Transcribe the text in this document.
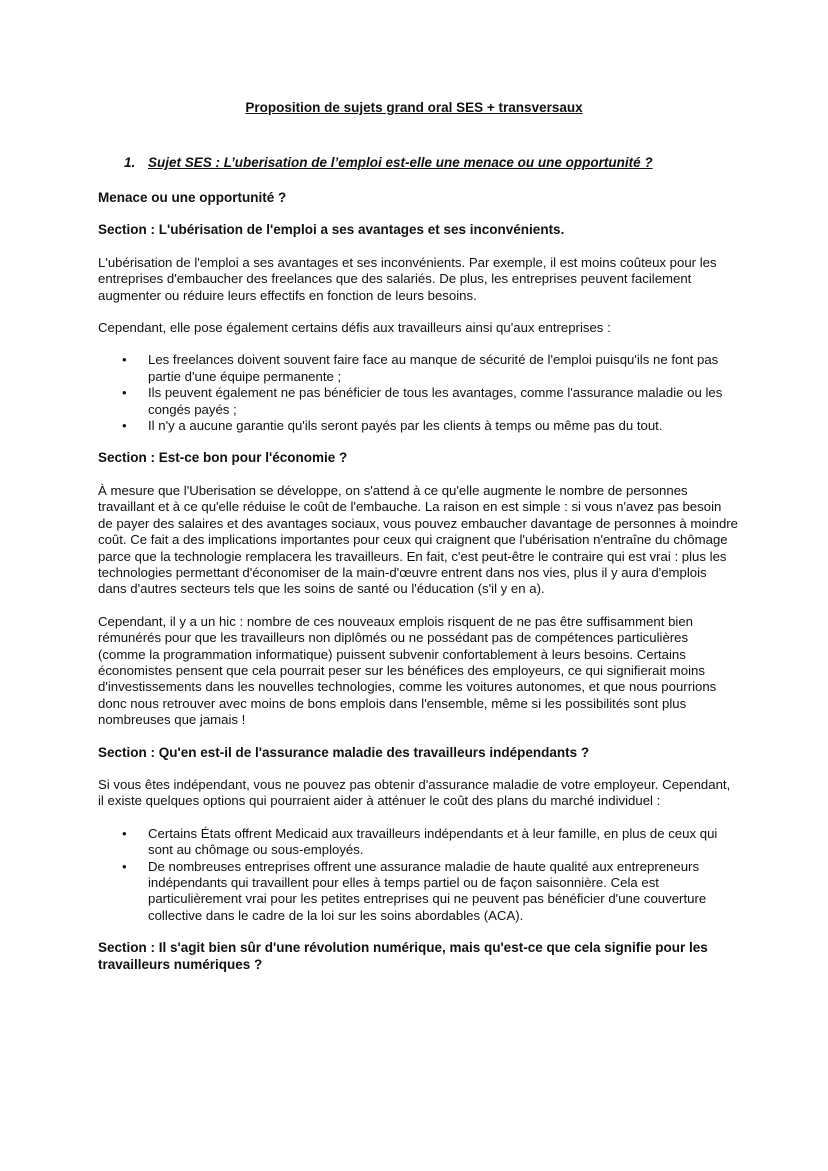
Proposition de sujets grand oral SES + transversaux
1. Sujet SES : L’uberisation de l’emploi est-elle une menace ou une opportunité ?
Menace ou une opportunité ?
Section : L'ubérisation de l'emploi a ses avantages et ses inconvénients.
L'ubérisation de l'emploi a ses avantages et ses inconvénients. Par exemple, il est moins coûteux pour les entreprises d'embaucher des freelances que des salariés. De plus, les entreprises peuvent facilement augmenter ou réduire leurs effectifs en fonction de leurs besoins.
Cependant, elle pose également certains défis aux travailleurs ainsi qu'aux entreprises :
• Les freelances doivent souvent faire face au manque de sécurité de l'emploi puisqu'ils ne font pas partie d'une équipe permanente ;
• Ils peuvent également ne pas bénéficier de tous les avantages, comme l'assurance maladie ou les congés payés ;
• Il n'y a aucune garantie qu'ils seront payés par les clients à temps ou même pas du tout.
Section : Est-ce bon pour l'économie ?
À mesure que l'Uberisation se développe, on s'attend à ce qu'elle augmente le nombre de personnes travaillant et à ce qu'elle réduise le coût de l'embauche. La raison en est simple : si vous n'avez pas besoin de payer des salaires et des avantages sociaux, vous pouvez embaucher davantage de personnes à moindre coût. Ce fait a des implications importantes pour ceux qui craignent que l'ubérisation n'entraîne du chômage parce que la technologie remplacera les travailleurs. En fait, c'est peut-être le contraire qui est vrai : plus les technologies permettant d'économiser de la main-d'œuvre entrent dans nos vies, plus il y aura d'emplois dans d'autres secteurs tels que les soins de santé ou l'éducation (s'il y en a).
Cependant, il y a un hic : nombre de ces nouveaux emplois risquent de ne pas être suffisamment bien rémunérés pour que les travailleurs non diplômés ou ne possédant pas de compétences particulières (comme la programmation informatique) puissent subvenir confortablement à leurs besoins. Certains économistes pensent que cela pourrait peser sur les bénéfices des employeurs, ce qui signifierait moins d'investissements dans les nouvelles technologies, comme les voitures autonomes, et que nous pourrions donc nous retrouver avec moins de bons emplois dans l'ensemble, même si les possibilités sont plus nombreuses que jamais !
Section : Qu'en est-il de l'assurance maladie des travailleurs indépendants ?
Si vous êtes indépendant, vous ne pouvez pas obtenir d'assurance maladie de votre employeur. Cependant, il existe quelques options qui pourraient aider à atténuer le coût des plans du marché individuel :
• Certains États offrent Medicaid aux travailleurs indépendants et à leur famille, en plus de ceux qui sont au chômage ou sous-employés.
• De nombreuses entreprises offrent une assurance maladie de haute qualité aux entrepreneurs indépendants qui travaillent pour elles à temps partiel ou de façon saisonnière. Cela est particulièrement vrai pour les petites entreprises qui ne peuvent pas bénéficier d'une couverture collective dans le cadre de la loi sur les soins abordables (ACA).
Section : Il s'agit bien sûr d'une révolution numérique, mais qu'est-ce que cela signifie pour les travailleurs numériques ?
